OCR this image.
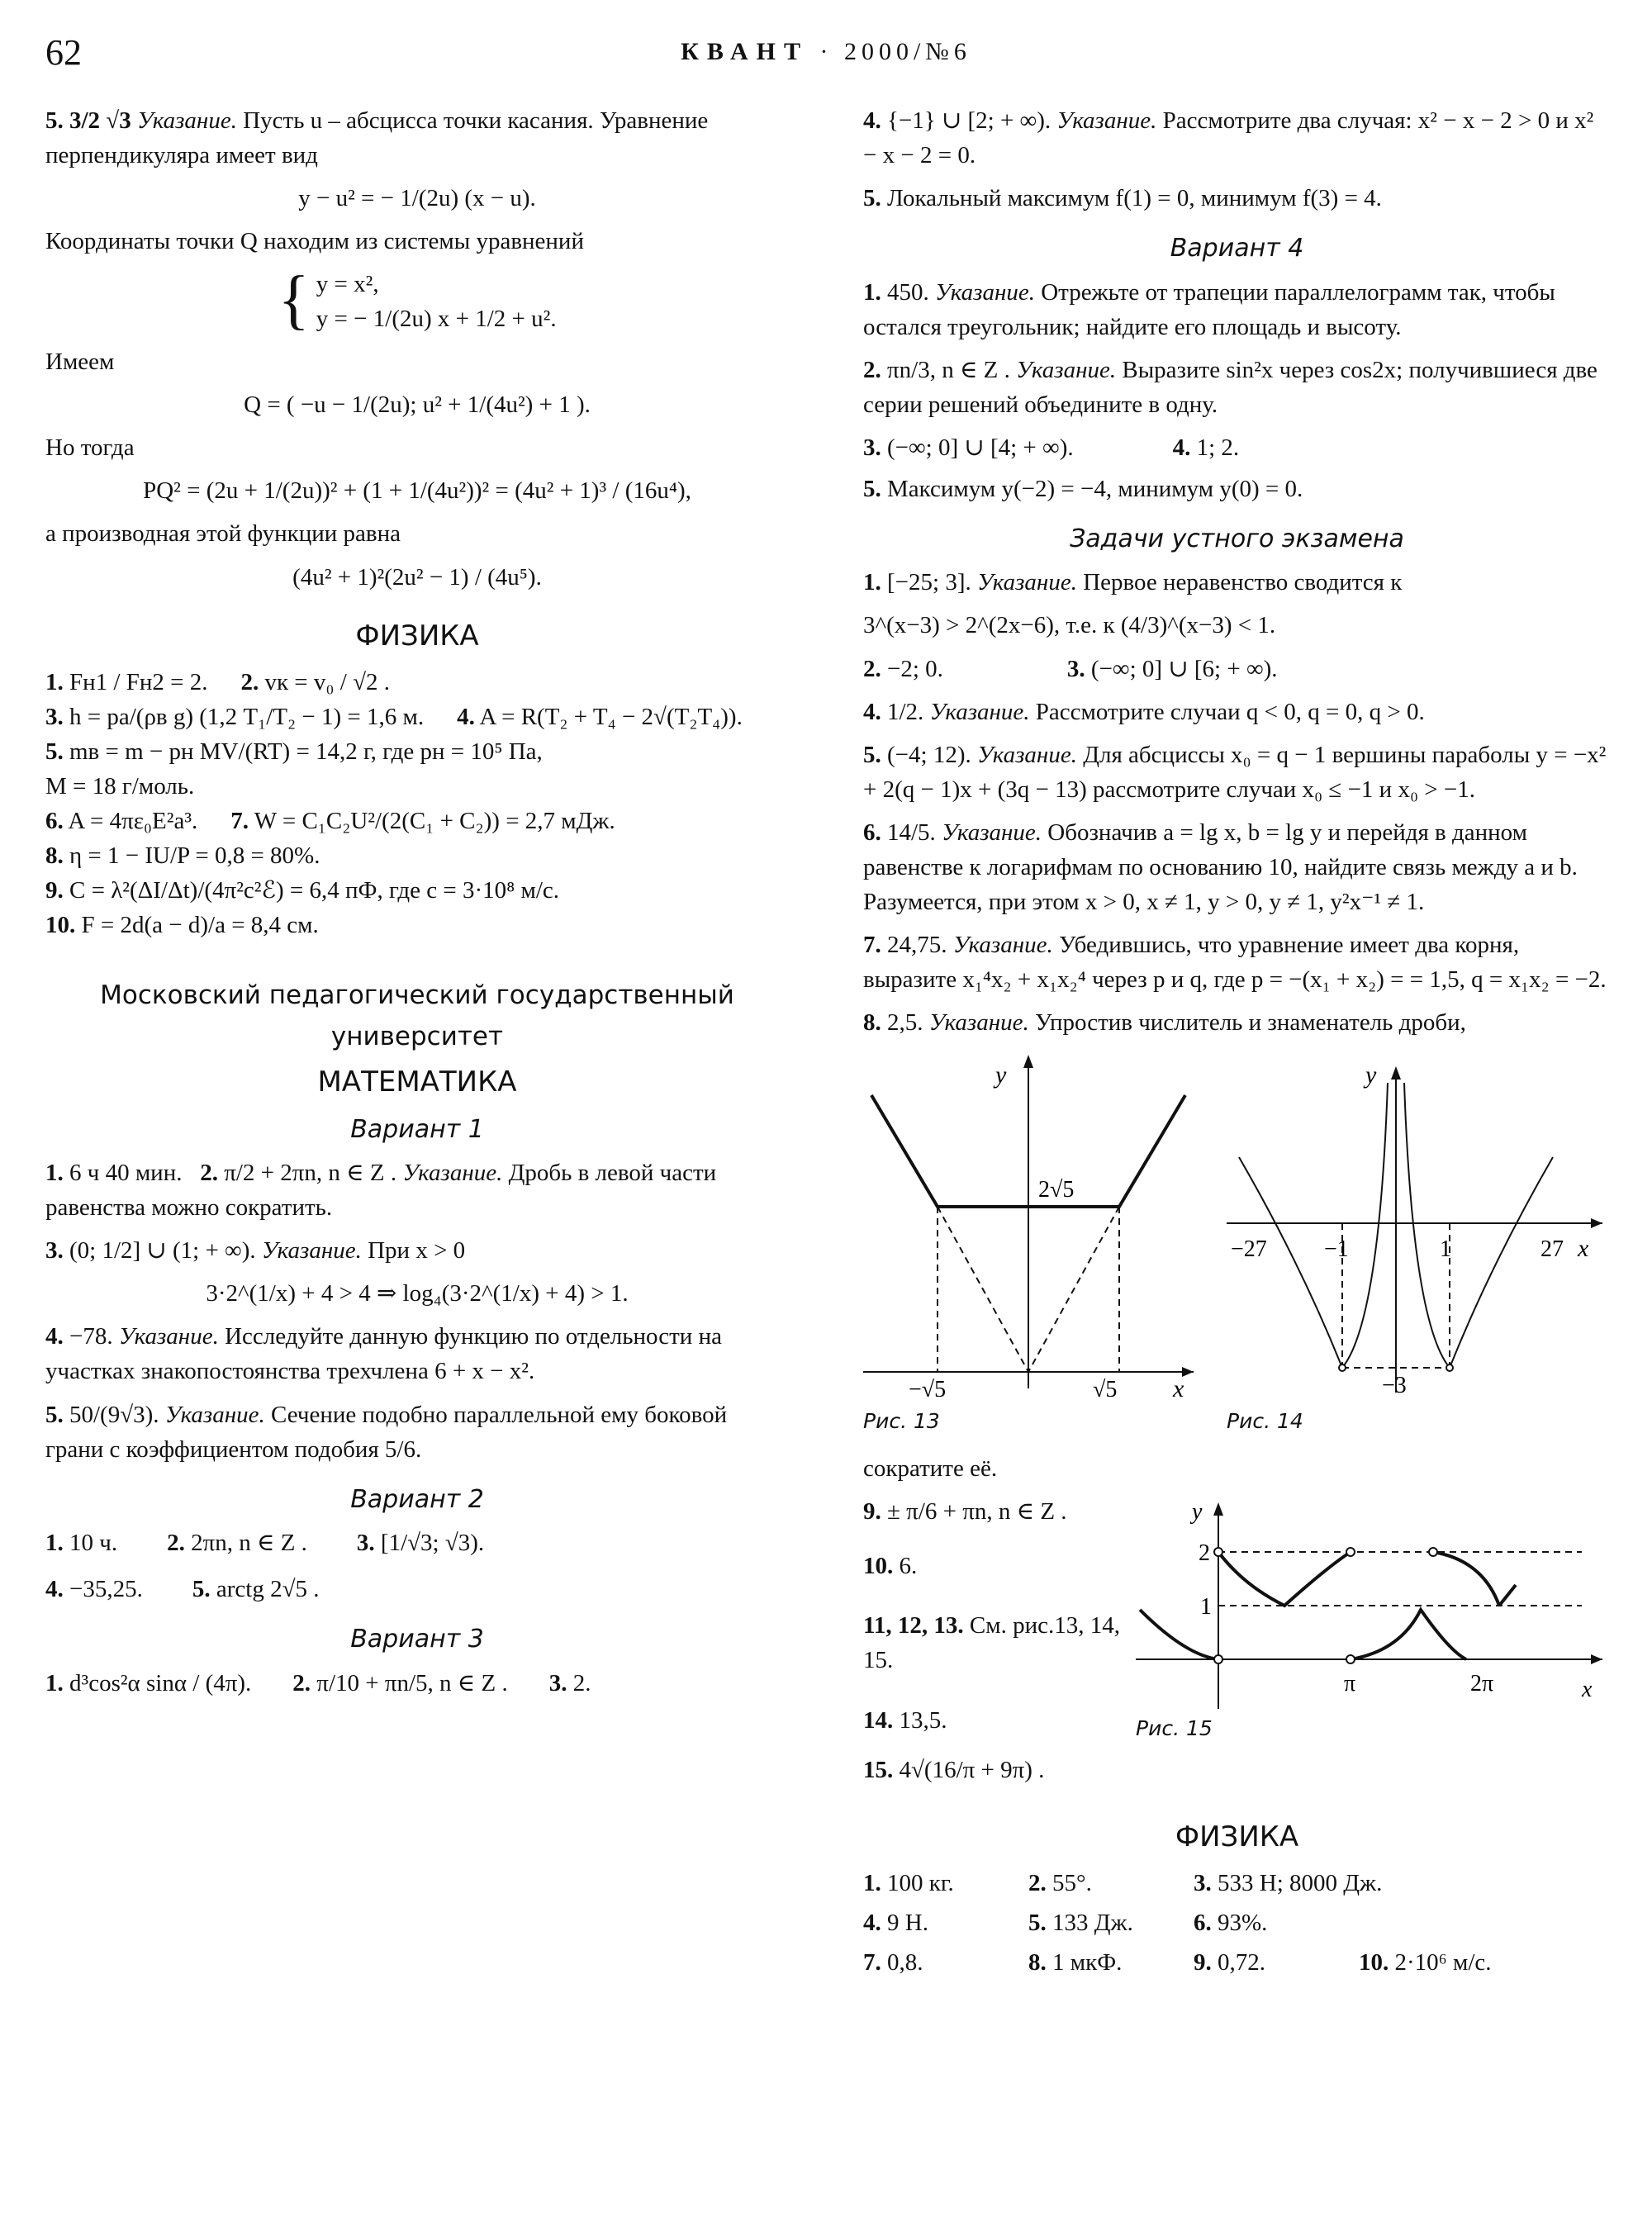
62	КВАНТ · 2000/№6

5. 3/2 √3 Указание. Пусть u – абсцисса точки касания. Уравнение перпендикуляра имеет вид

y − u² = − 1/(2u) (x − u).

Координаты точки Q находим из системы уравнений

{ y = x²,
y = − 1/(2u) x + 1/2 + u².

Имеем

Q = ( −u − 1/(2u); u² + 1/(4u²) + 1 ).

Но тогда

PQ² = (2u + 1/(2u))² + (1 + 1/(4u²))² = (4u² + 1)³ / (16u⁴),

а производная этой функции равна

(4u² + 1)²(2u² − 1) / (4u⁵).
ФИЗИКА
1. Fн1 / Fн2 = 2. 2. vк = v₀ / √2 .
3. h = pа/(ρв g) (1,2 T₁/T₂ − 1) = 1,6 м. 4. A = R(T₂ + T₄ − 2√(T₂T₄)).
5. mв = m − pн MV/(RT) = 14,2 г, где pн = 10⁵ Па,
M = 18 г/моль.
6. A = 4πε₀E²a³. 7. W = C₁C₂U²/(2(C₁ + C₂)) = 2,7 мДж.
8. η = 1 − IU/P = 0,8 = 80%.
9. C = λ²(ΔI/Δt)/(4π²c²ℰ) = 6,4 пФ, где c = 3·10⁸ м/с.
10. F = 2d(a − d)/a = 8,4 см.
Московский педагогический государственный
университет
МАТЕМАТИКА
Вариант 1

1. 6 ч 40 мин. 2. π/2 + 2πn, n ∈ Z . Указание. Дробь в левой части равенства можно сократить.

3. (0; 1/2] ∪ (1; + ∞). Указание. При x > 0

3·2^(1/x) + 4 > 4 ⇒ log₄(3·2^(1/x) + 4) > 1.

4. −78. Указание. Исследуйте данную функцию по отдельности на участках знакопостоянства трехчлена 6 + x − x².

5. 50/(9√3). Указание. Сечение подобно параллельной ему боковой грани с коэффициентом подобия 5/6.

Вариант 2
1. 10 ч. 2. 2πn, n ∈ Z . 3. [1/√3; √3).
4. −35,25. 5. arctg 2√5 .
Вариант 3
1. d³cos²α sinα / (4π). 2. π/10 + πn/5, n ∈ Z . 3. 2.

4. {−1} ∪ [2; + ∞). Указание. Рассмотрите два случая: x² − x − 2 > 0 и x² − x − 2 = 0.

5. Локальный максимум f(1) = 0, минимум f(3) = 4.

Вариант 4

1. 450. Указание. Отрежьте от трапеции параллелограмм так, чтобы остался треугольник; найдите его площадь и высоту.

2. πn/3, n ∈ Z . Указание. Выразите sin²x через cos2x; получившиеся две серии решений объедините в одну.

3. (−∞; 0] ∪ [4; + ∞).	4. 1; 2.

5. Максимум y(−2) = −4, минимум y(0) = 0.

Задачи устного экзамена

1. [−25; 3]. Указание. Первое неравенство сводится к

3^(x−3) > 2^(2x−6), т.е. к (4/3)^(x−3) < 1.

2. −2; 0.	3. (−∞; 0] ∪ [6; + ∞).

4. 1/2. Указание. Рассмотрите случаи q < 0, q = 0, q > 0.

5. (−4; 12). Указание. Для абсциссы x₀ = q − 1 вершины параболы y = −x² + 2(q − 1)x + (3q − 13) рассмотрите случаи x₀ ≤ −1 и x₀ > −1.

6. 14/5. Указание. Обозначив a = lg x, b = lg y и перейдя в данном равенстве к логарифмам по основанию 10, найдите связь между a и b. Разумеется, при этом x > 0, x ≠ 1, y > 0, y ≠ 1, y²x⁻¹ ≠ 1.

7. 24,75. Указание. Убедившись, что уравнение имеет два корня, выразите x₁⁴x₂ + x₁x₂⁴ через p и q, где p = −(x₁ + x₂) = = 1,5, q = x₁x₂ = −2.

8. 2,5. Указание. Упростив числитель и знаменатель дроби,

y
x
2√5
−√5	√5
Рис. 13
y
x
−27 −1	1	27
−3
Рис. 14

сократите её.

9. ± π/6 + πn, n ∈ Z .

10. 6.

11, 12, 13. См. рис.13, 14, 15.

14. 13,5.

15. 4√(16/π + 9π) .

y
x
2
1
π	2π
Рис. 15
ФИЗИКА
1. 100 кг.	2. 55°.	3. 533 Н; 8000 Дж.
4. 9 Н.	5. 133 Дж.	6. 93%.
7. 0,8.	8. 1 мкФ.	9. 0,72.	10. 2·10⁶ м/с.
